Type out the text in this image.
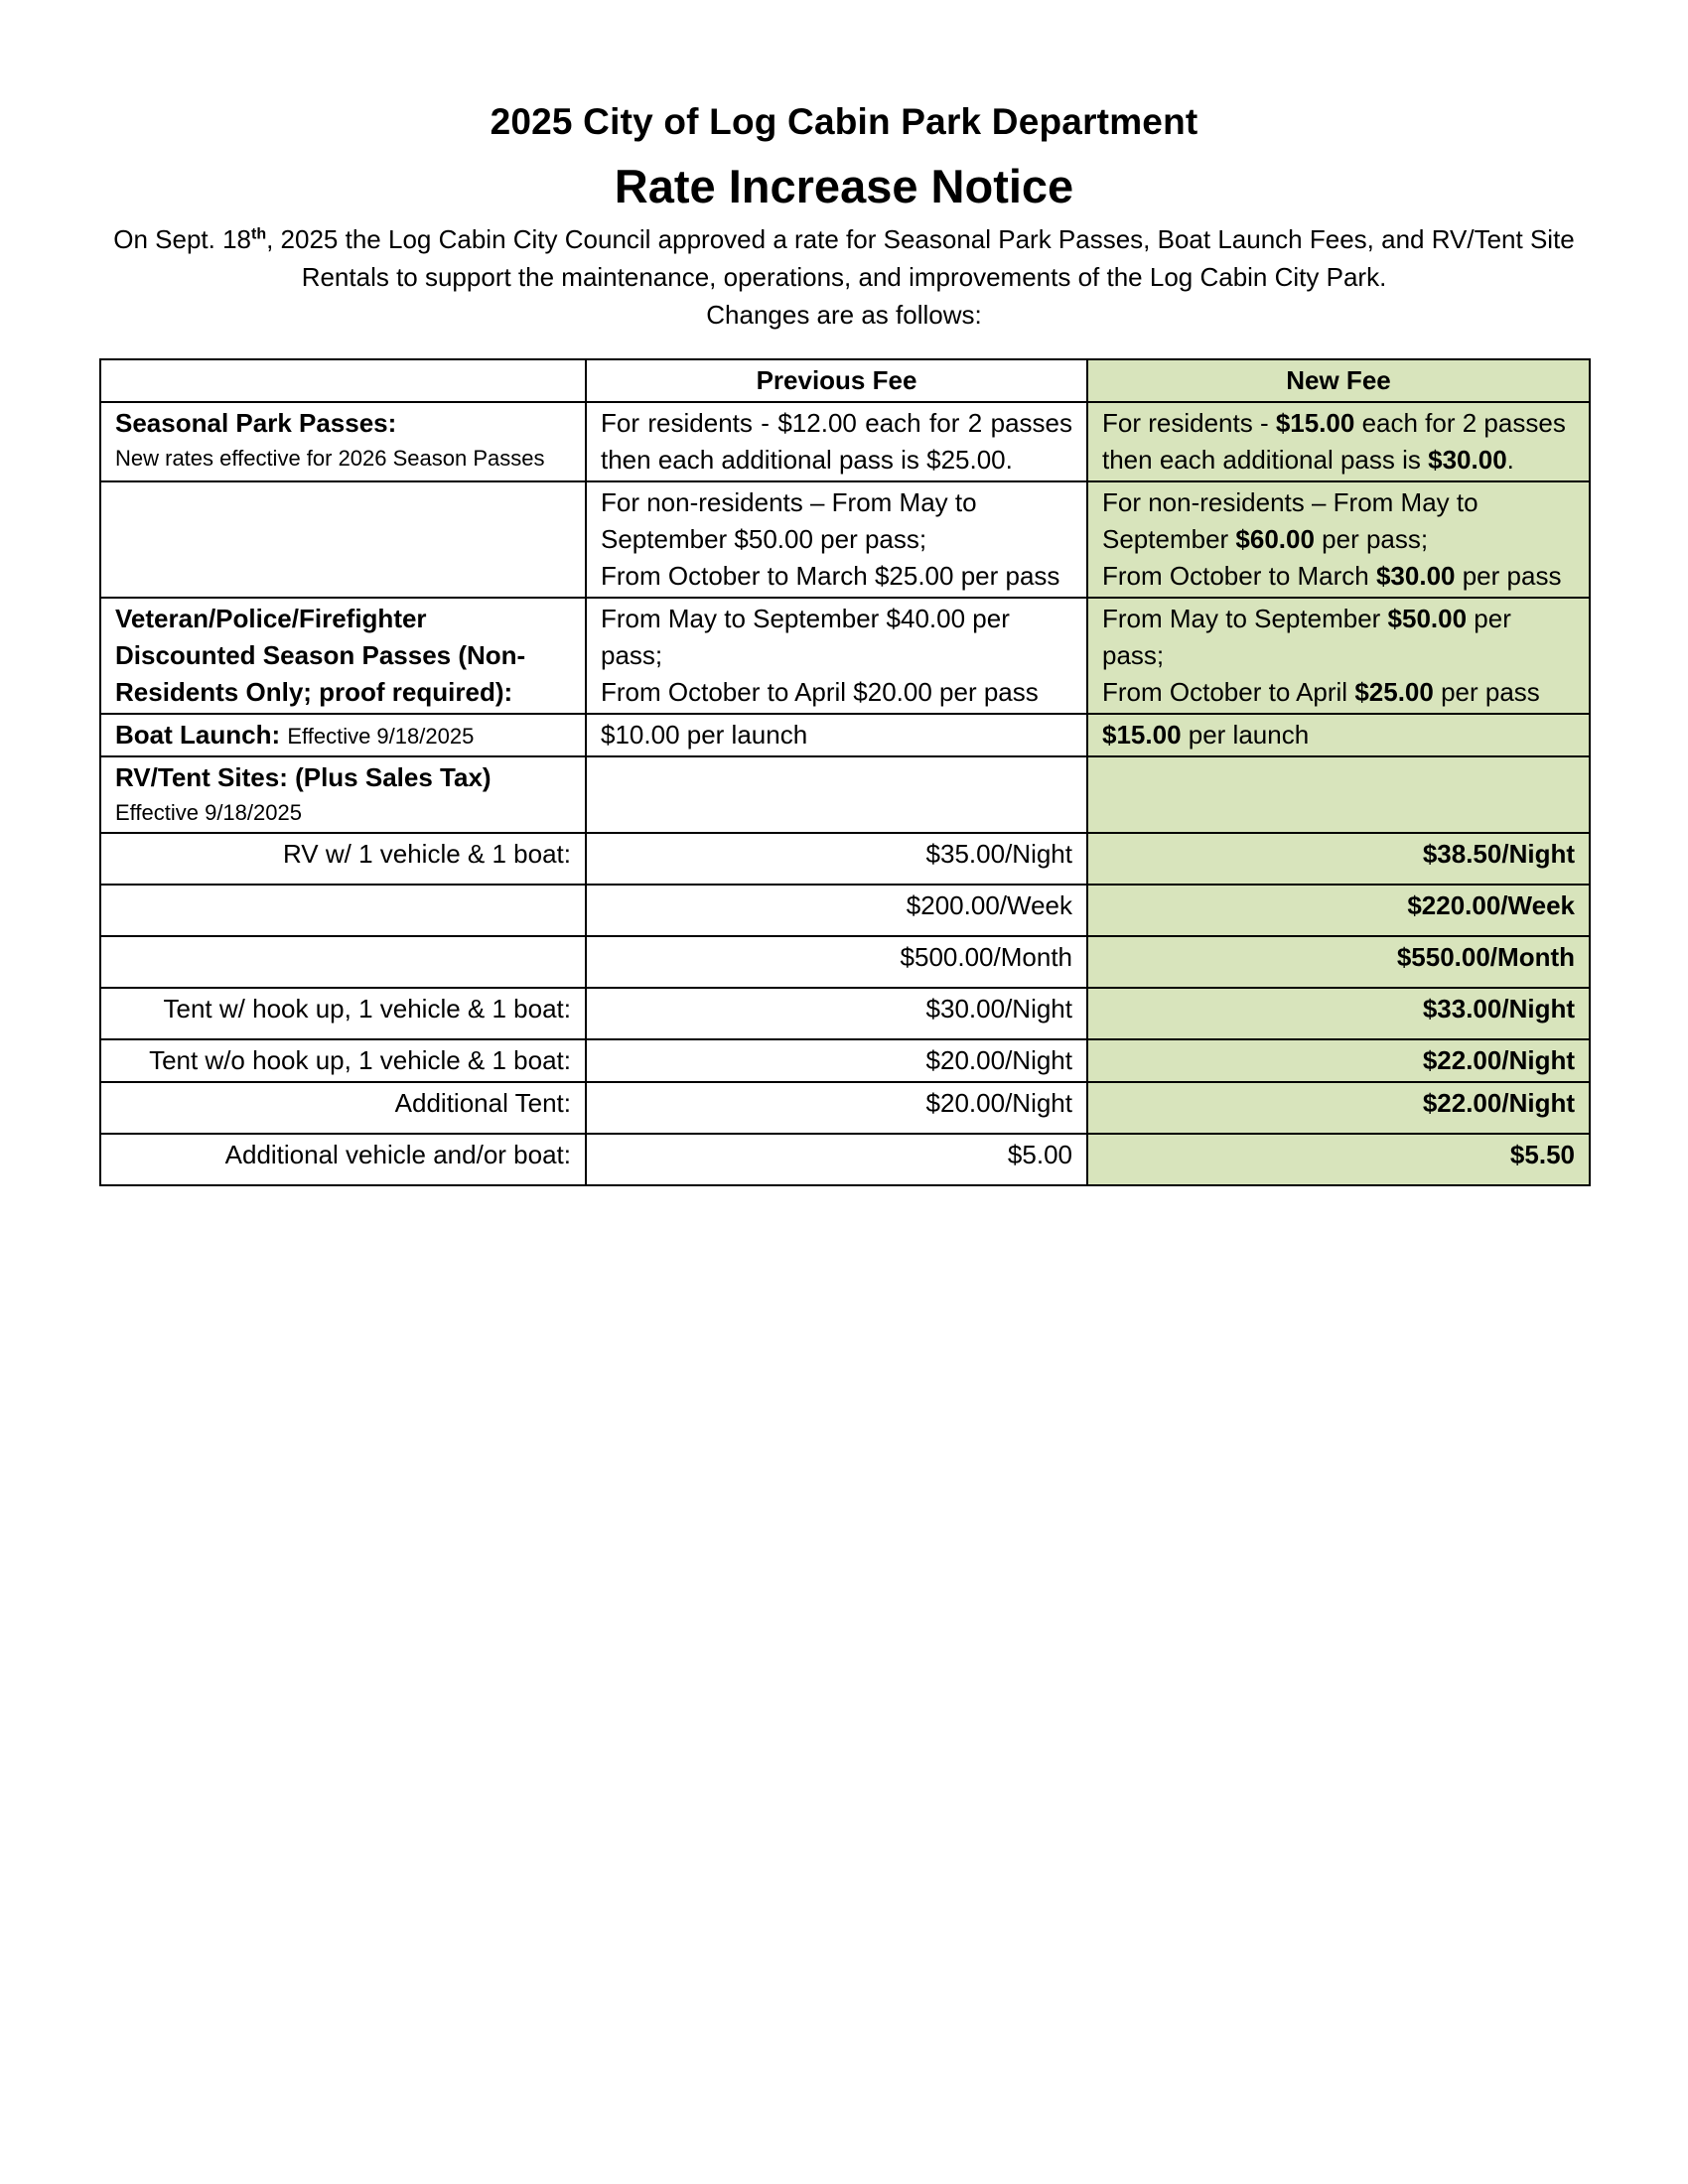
2025 City of Log Cabin Park Department
Rate Increase Notice
On Sept. 18th, 2025 the Log Cabin City Council approved a rate for Seasonal Park Passes, Boat Launch Fees, and RV/Tent Site Rentals to support the maintenance, operations, and improvements of the Log Cabin City Park.
Changes are as follows:
	Previous Fee	New Fee

Seasonal Park Passes:
New rates effective for 2026 Season Passes	For residents - $12.00 each for 2 passes then each additional pass is $25.00.	For residents - $15.00 each for 2 passes then each additional pass is $30.00.

	For non-residents – From May to September $50.00 per pass;
From October to March $25.00 per pass	For non-residents – From May to September $60.00 per pass;
From October to March $30.00 per pass

Veteran/Police/Firefighter Discounted Season Passes (Non-Residents Only; proof required):	From May to September $40.00 per pass;
From October to April $20.00 per pass	From May to September $50.00 per pass;
From October to April $25.00 per pass

Boat Launch: Effective 9/18/2025	$10.00 per launch	$15.00 per launch

RV/Tent Sites: (Plus Sales Tax)
Effective 9/18/2025		

RV w/ 1 vehicle & 1 boat:	$35.00/Night	$38.50/Night
	$200.00/Week	$220.00/Week
	$500.00/Month	$550.00/Month
Tent w/ hook up, 1 vehicle & 1 boat:	$30.00/Night	$33.00/Night
Tent w/o hook up, 1 vehicle & 1 boat:	$20.00/Night	$22.00/Night
Additional Tent:	$20.00/Night	$22.00/Night
Additional vehicle and/or boat:	$5.00	$5.50
